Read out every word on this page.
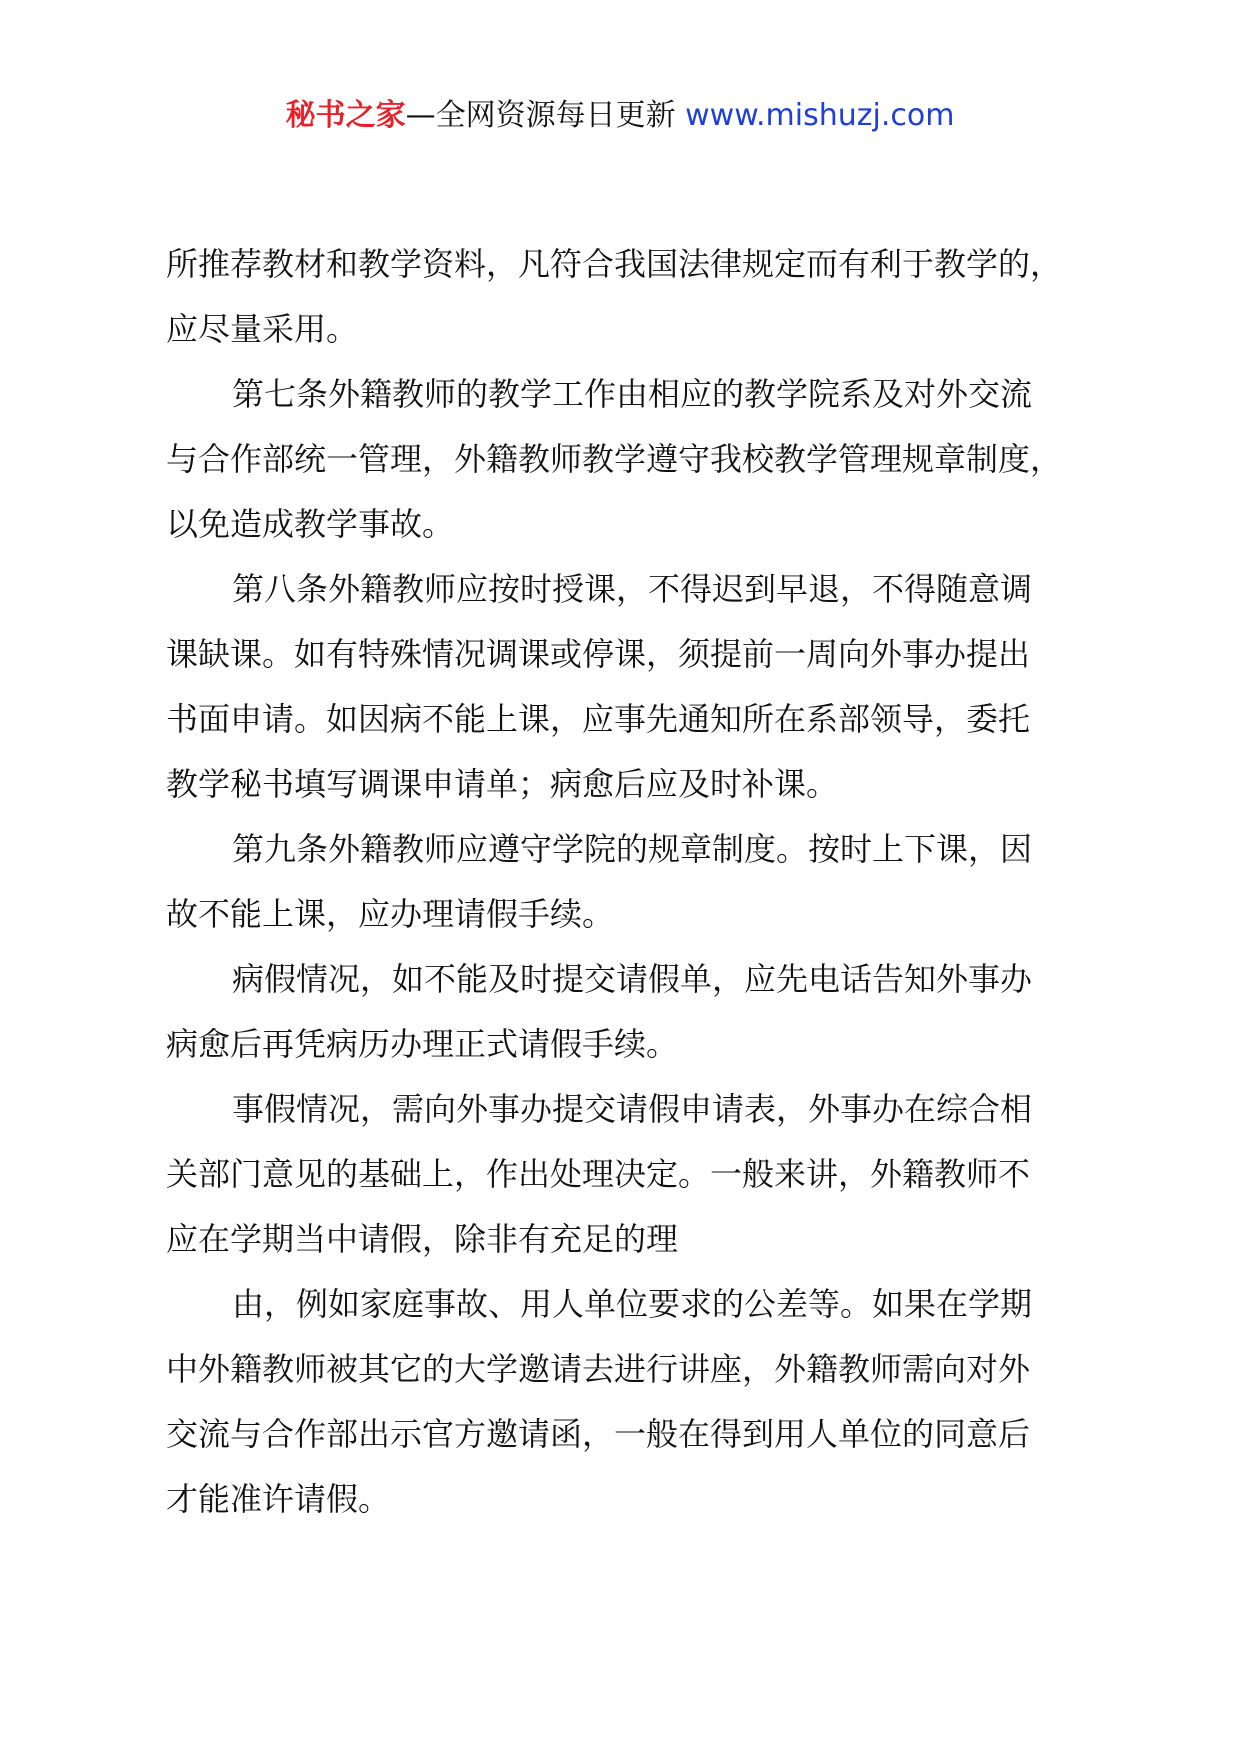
秘书之家—全网资源每日更新 www.mishuzj.com

所推荐教材和教学资料，凡符合我国法律规定而有利于教学的，

应尽量采用。

第七条外籍教师的教学工作由相应的教学院系及对外交流

与合作部统一管理，外籍教师教学遵守我校教学管理规章制度，

以免造成教学事故。

第八条外籍教师应按时授课，不得迟到早退，不得随意调

课缺课。如有特殊情况调课或停课，须提前一周向外事办提出

书面申请。如因病不能上课，应事先通知所在系部领导，委托

教学秘书填写调课申请单；病愈后应及时补课。

第九条外籍教师应遵守学院的规章制度。按时上下课，因

故不能上课，应办理请假手续。

病假情况，如不能及时提交请假单，应先电话告知外事办

病愈后再凭病历办理正式请假手续。

事假情况，需向外事办提交请假申请表，外事办在综合相

关部门意见的基础上，作出处理决定。一般来讲，外籍教师不

应在学期当中请假，除非有充足的理

由，例如家庭事故、用人单位要求的公差等。如果在学期

中外籍教师被其它的大学邀请去进行讲座，外籍教师需向对外

交流与合作部出示官方邀请函，一般在得到用人单位的同意后

才能准许请假。
